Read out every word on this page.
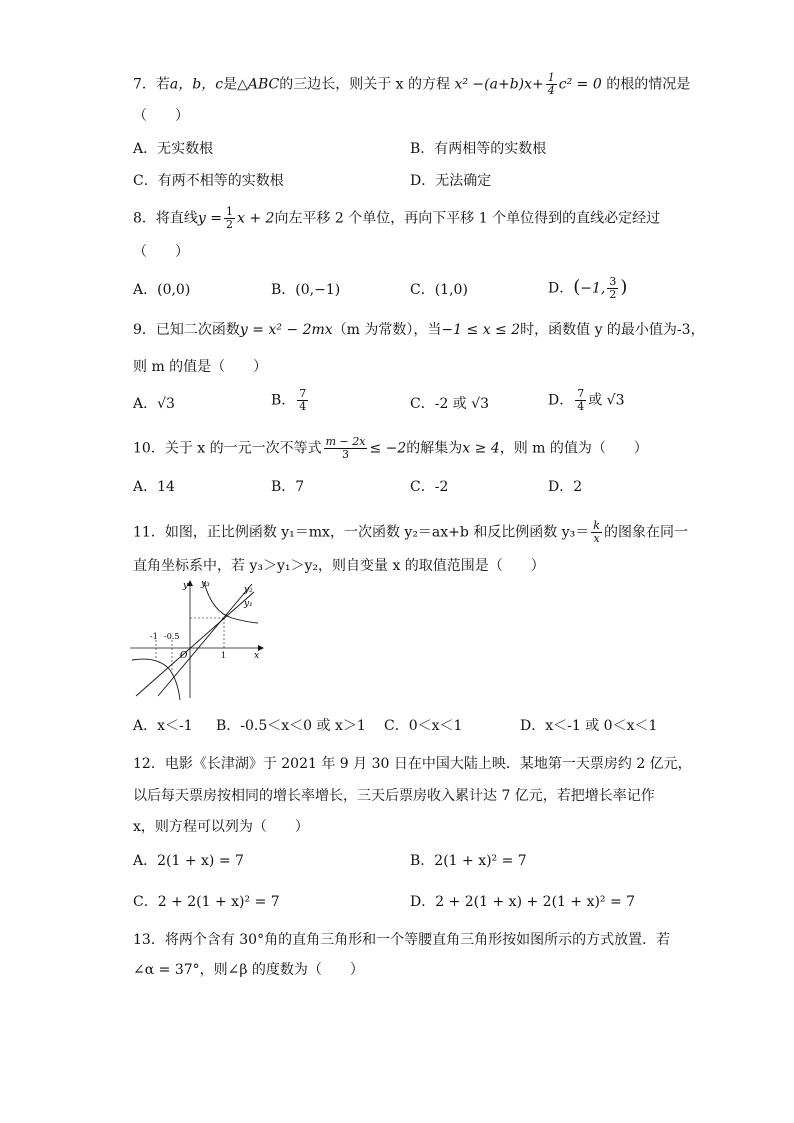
7．若a，b，c是△ABC的三边长，则关于 x 的方程 $x^2 -(a+b)x+ \frac{1}{4} c^2 = 0$ 的根的情况是
（　　）
A．无实数根	B．有两相等的实数根
C．有两不相等的实数根	D．无法确定
8．将直线$y = \frac{1}{2}$ x + 2向左平移 2 个单位，再向下平移 1 个单位得到的直线必定经过
（　　）
A．(0,0)	B．(0,−1)	C．(1,0)	D．(−1, $\frac{3}{2}$ )
9．已知二次函数y = x² − 2mx（m 为常数），当−1 ≤ x ≤ 2时，函数值 y 的最小值为-3，
则 m 的值是（　　）
A．√3	B． $\frac{7}{4}$	C．-2 或 √3	D． $\frac{7}{4}$ 或 √3
10．关于 x 的一元一次不等式 $\frac{m - 2x}{3} \le -2$的解集为x ≥ 4，则 m 的值为（　　）
A．14	B．7	C．-2	D．2
11．如图，正比例函数 y₁＝mx，一次函数 y₂＝ax+b 和反比例函数 $y_3= \frac{k}{x}$ 的图象在同一
直角坐标系中，若 y₃＞y₁＞y₂，则自变量 x 的取值范围是（　　）
y y₃
y₂
y₁
x
O
-1 -0.5
1
A．x＜-1 B．-0.5＜x＜0 或 x＞1 C．0＜x＜1	D．x＜-1 或 0＜x＜1
12．电影《长津湖》于 2021 年 9 月 30 日在中国大陆上映．某地第一天票房约 2 亿元，
以后每天票房按相同的增长率增长，三天后票房收入累计达 7 亿元，若把增长率记作
x，则方程可以列为（　　）
A．2(1 + x) = 7	B．2(1 + x)² = 7
C．2 + 2(1 + x)² = 7	D．2 + 2(1 + x) + 2(1 + x)² = 7
13．将两个含有 30°角的直角三角形和一个等腰直角三角形按如图所示的方式放置．若
∠α = 37°，则∠β 的度数为（　　）
